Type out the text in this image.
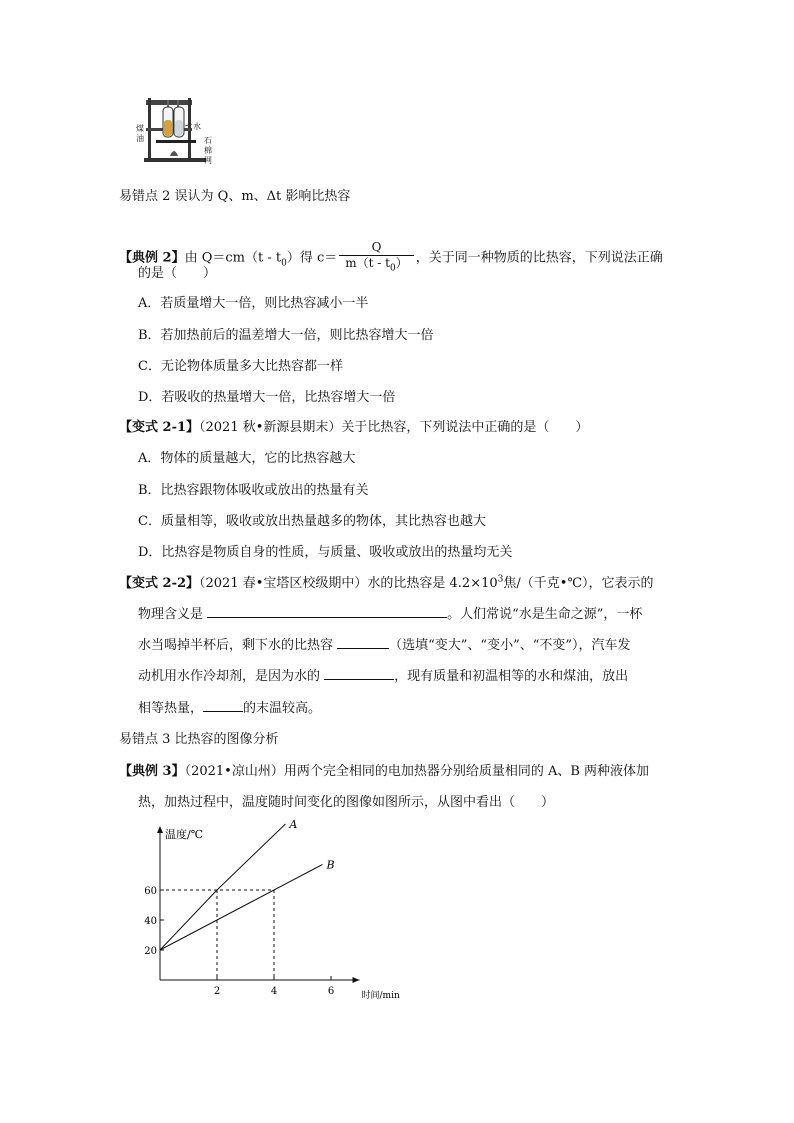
煤
油
水
石
棉
网
易错点 2 误认为 Q、m、Δt 影响比热容
【典例 2】由 $Q=cm(t - t_0)$得 $c= \frac{Q}{m(t - t_0)}$ ，关于同一种物质的比热容，下列说法正确
的是（　　）
A．若质量增大一倍，则比热容减小一半
B．若加热前后的温差增大一倍，则比热容增大一倍
C．无论物体质量多大比热容都一样
D．若吸收的热量增大一倍，比热容增大一倍
【变式 2-1】（2021 秋•新源县期末）关于比热容，下列说法中正确的是（　　）
A．物体的质量越大，它的比热容越大
B．比热容跟物体吸收或放出的热量有关
C．质量相等，吸收或放出热量越多的物体，其比热容也越大
D．比热容是物质自身的性质，与质量、吸收或放出的热量均无关
【变式 2-2】（2021 春•宝塔区校级期中）水的比热容是 $4.2\times 10^3$焦/（千克•℃），它表示的
物理含义是	。人们常说“水是生命之源”，一杯
水当喝掉半杯后，剩下水的比热容	（选填“变大”、“变小”、“不变”），汽车发
动机用水作冷却剂，是因为水的	，现有质量和初温相等的水和煤油，放出
相等热量，	的末温较高。
易错点 3 比热容的图像分析
【典例 3】（2021•凉山州）用两个完全相同的电加热器分别给质量相同的 A、B 两种液体加
热，加热过程中，温度随时间变化的图像如图所示，从图中看出（　　）
温度/℃
时间/min
2	4	6
20
40
60
A
B
